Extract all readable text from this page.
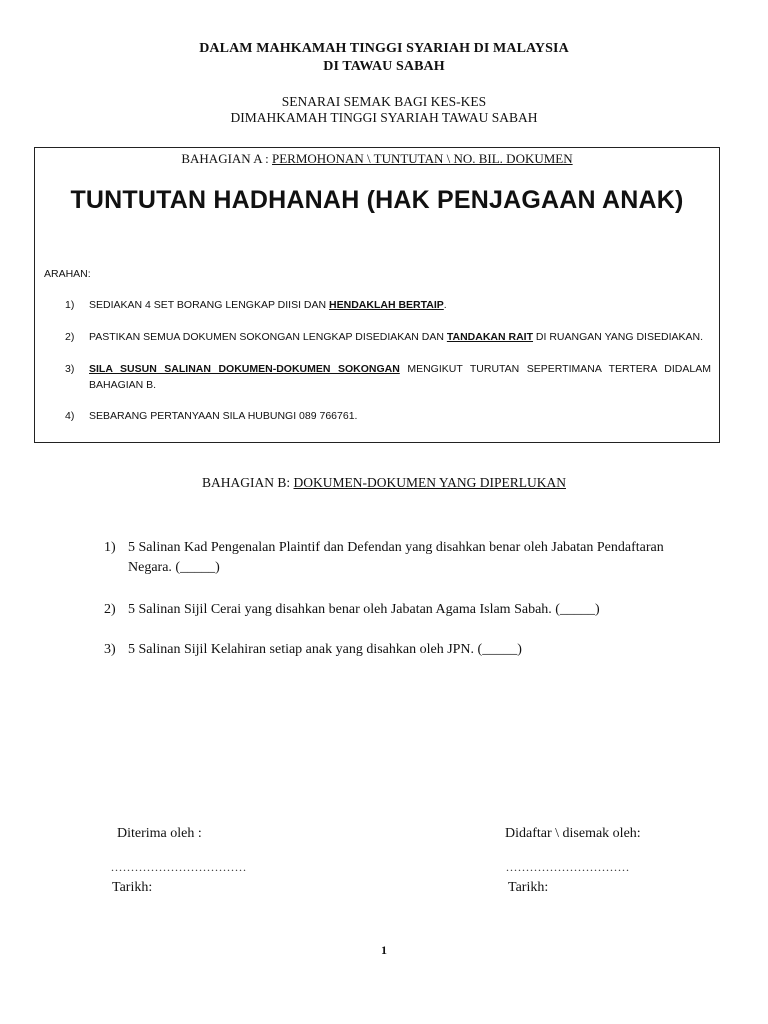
DALAM MAHKAMAH TINGGI SYARIAH DI MALAYSIA
DI TAWAU SABAH
SENARAI SEMAK BAGI KES-KES
DIMAHKAMAH TINGGI SYARIAH TAWAU SABAH
BAHAGIAN A : PERMOHONAN \ TUNTUTAN \ NO. BIL. DOKUMEN
TUNTUTAN HADHANAH (HAK PENJAGAAN ANAK)
ARAHAN:
1)	SEDIAKAN 4 SET BORANG LENGKAP DIISI DAN HENDAKLAH BERTAIP.
2)	PASTIKAN SEMUA DOKUMEN SOKONGAN LENGKAP DISEDIAKAN DAN TANDAKAN RAIT DI RUANGAN YANG DISEDIAKAN.
3)	SILA SUSUN SALINAN DOKUMEN-DOKUMEN SOKONGAN MENGIKUT TURUTAN SEPERTIMANA TERTERA DIDALAM BAHAGIAN B.
4)	SEBARANG PERTANYAAN SILA HUBUNGI 089 766761.
BAHAGIAN B: DOKUMEN-DOKUMEN YANG DIPERLUKAN
1) 5 Salinan Kad Pengenalan Plaintif dan Defendan yang disahkan benar oleh Jabatan Pendaftaran Negara. (_____)
2) 5 Salinan Sijil Cerai yang disahkan benar oleh Jabatan Agama Islam Sabah. (_____)
3) 5 Salinan Sijil Kelahiran setiap anak yang disahkan oleh JPN. (_____)
Diterima oleh :	Didaftar \ disemak oleh:
..................................	...............................
Tarikh:	Tarikh:
1
